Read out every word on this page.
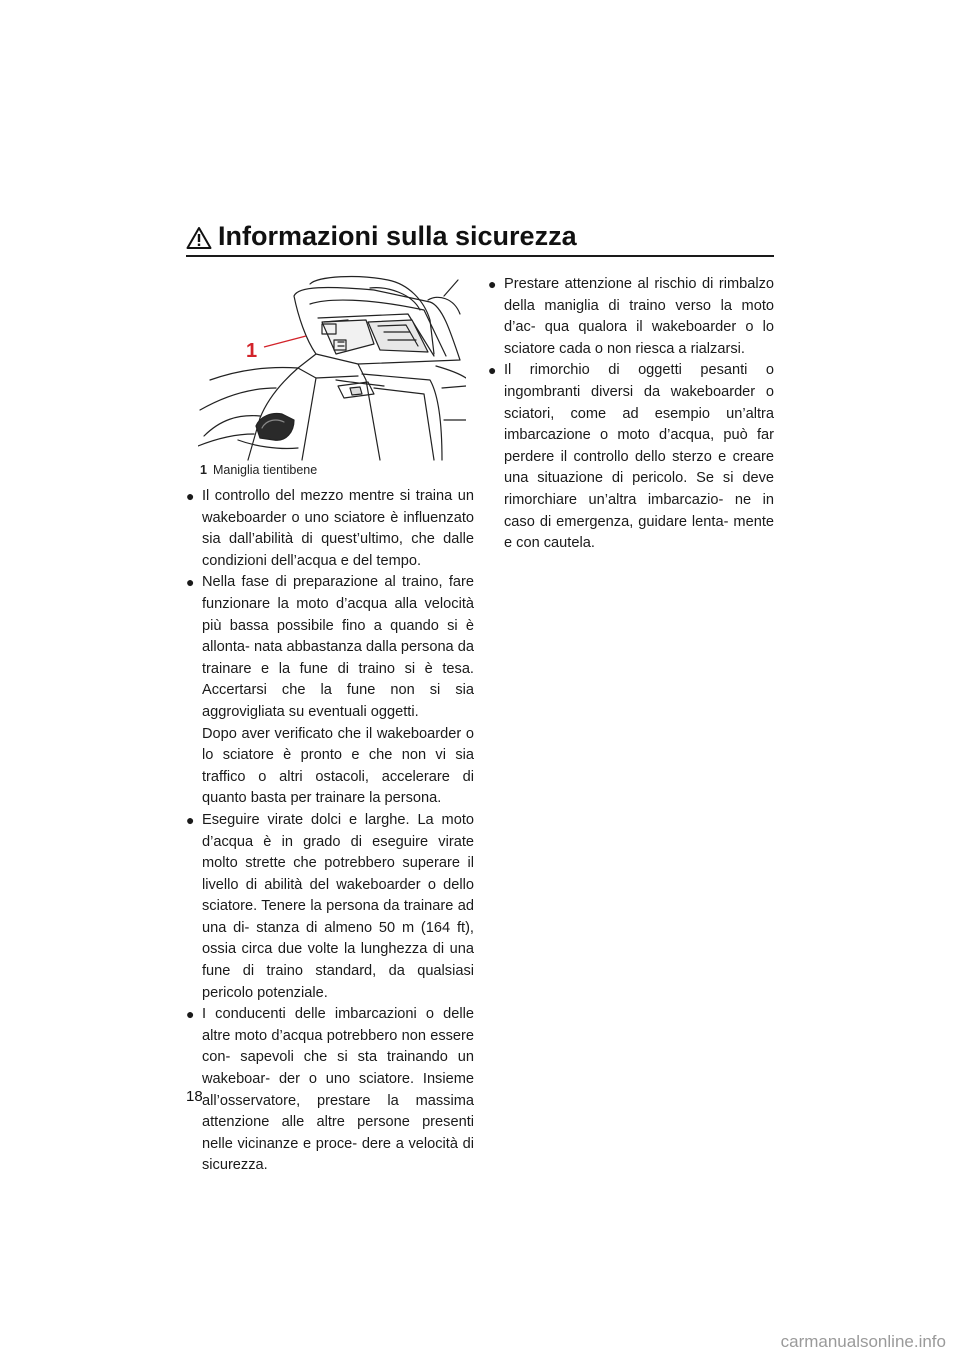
Informazioni sulla sicurezza
1
1 Maniglia tientibene
● Il controllo del mezzo mentre si traina un wakeboarder o uno sciatore è influenzato sia dall’abilità di quest’ultimo, che dalle condizioni dell’acqua e del tempo.
● Nella fase di preparazione al traino, fare funzionare la moto d’acqua alla velocità più bassa possibile fino a quando si è allonta- nata abbastanza dalla persona da trainare e la fune di traino si è tesa. Accertarsi che la fune non si sia aggrovigliata su eventuali oggetti.
Dopo aver verificato che il wakeboarder o lo sciatore è pronto e che non vi sia traffico o altri ostacoli, accelerare di quanto basta per trainare la persona.
● Eseguire virate dolci e larghe. La moto d’acqua è in grado di eseguire virate molto strette che potrebbero superare il livello di abilità del wakeboarder o dello sciatore. Tenere la persona da trainare ad una di- stanza di almeno 50 m (164 ft), ossia circa due volte la lunghezza di una fune di traino standard, da qualsiasi pericolo potenziale.
● I conducenti delle imbarcazioni o delle altre moto d’acqua potrebbero non essere con- sapevoli che si sta trainando un wakeboar- der o uno sciatore. Insieme all’osservatore, prestare la massima attenzione alle altre persone presenti nelle vicinanze e proce- dere a velocità di sicurezza.
● Prestare attenzione al rischio di rimbalzo della maniglia di traino verso la moto d’ac- qua qualora il wakeboarder o lo sciatore cada o non riesca a rialzarsi.
● Il rimorchio di oggetti pesanti o ingombranti diversi da wakeboarder o sciatori, come ad esempio un’altra imbarcazione o moto d’acqua, può far perdere il controllo dello sterzo e creare una situazione di pericolo. Se si deve rimorchiare un’altra imbarcazio- ne in caso di emergenza, guidare lenta- mente e con cautela.
18
carmanualsonline.info
